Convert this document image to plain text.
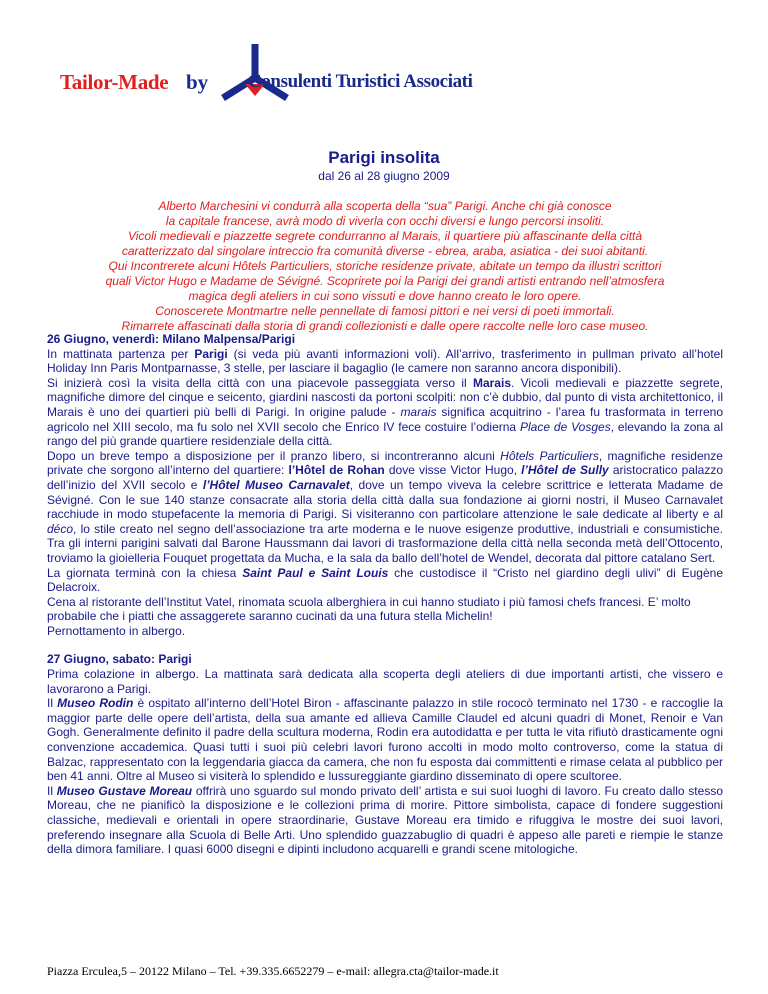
Tailor-Made by Consulenti Turistici Associati
Parigi insolita
dal 26 al 28 giugno 2009
Alberto Marchesini vi condurrà alla scoperta della “sua” Parigi. Anche chi già conosce
la capitale francese, avrà modo di viverla con occhi diversi e lungo percorsi insoliti.
Vicoli medievali e piazzette segrete condurranno al Marais, il quartiere più affascinante della città
caratterizzato dal singolare intreccio fra comunità diverse - ebrea, araba, asiatica - dei suoi abitanti.
Qui Incontrerete alcuni Hôtels Particuliers, storiche residenze private, abitate un tempo da illustri scrittori
quali Victor Hugo e Madame de Sévigné. Scoprirete poi la Parigi dei grandi artisti entrando nell’atmosfera
magica degli ateliers in cui sono vissuti e dove hanno creato le loro opere.
Conoscerete Montmartre nelle pennellate di famosi pittori e nei versi di poeti immortali.
Rimarrete affascinati dalla storia di grandi collezionisti e dalle opere raccolte nelle loro case museo.

26 Giugno, venerdì: Milano Malpensa/Parigi

In mattinata partenza per Parigi (si veda più avanti informazioni voli). All’arrivo, trasferimento in pullman privato all’hotel Holiday Inn Paris Montparnasse, 3 stelle, per lasciare il bagaglio (le camere non saranno ancora disponibili).

Si inizierà così la visita della città con una piacevole passeggiata verso il Marais. Vicoli medievali e piazzette segrete, magnifiche dimore del cinque e seicento, giardini nascosti da portoni scolpiti: non c’è dubbio, dal punto di vista architettonico, il Marais è uno dei quartieri più belli di Parigi. In origine palude - marais significa acquitrino - l’area fu trasformata in terreno agricolo nel XIII secolo, ma fu solo nel XVII secolo che Enrico IV fece costuire l’odierna Place de Vosges, elevando la zona al rango del più grande quartiere residenziale della città.

Dopo un breve tempo a disposizione per il pranzo libero, si incontreranno alcuni Hôtels Particuliers, magnifiche residenze private che sorgono all’interno del quartiere: l’Hôtel de Rohan dove visse Victor Hugo, l’Hôtel de Sully aristocratico palazzo dell’inizio del XVII secolo e l’Hôtel Museo Carnavalet, dove un tempo viveva la celebre scrittrice e letterata Madame de Sévigné. Con le sue 140 stanze consacrate alla storia della città dalla sua fondazione ai giorni nostri, il Museo Carnavalet racchiude in modo stupefacente la memoria di Parigi. Si visiteranno con particolare attenzione le sale dedicate al liberty e al déco, lo stile creato nel segno dell’associazione tra arte moderna e le nuove esigenze produttive, industriali e consumistiche. Tra gli interni parigini salvati dal Barone Haussmann dai lavori di trasformazione della città nella seconda metà dell’Ottocento, troviamo la gioielleria Fouquet progettata da Mucha, e la sala da ballo dell’hotel de Wendel, decorata dal pittore catalano Sert.

La giornata terminà con la chiesa Saint Paul e Saint Louis che custodisce il “Cristo nel giardino degli ulivi” di Eugène Delacroix.

Cena al ristorante dell’Institut Vatel, rinomata scuola alberghiera in cui hanno studiato i più famosi chefs francesi. E’ molto probabile che i piatti che assaggerete saranno cucinati da una futura stella Michelin!

Pernottamento in albergo.

27 Giugno, sabato: Parigi

Prima colazione in albergo. La mattinata sarà dedicata alla scoperta degli ateliers di due importanti artisti, che vissero e lavorarono a Parigi.

Il Museo Rodin è ospitato all’interno dell’Hotel Biron - affascinante palazzo in stile rococò terminato nel 1730 - e raccoglie la maggior parte delle opere dell’artista, della sua amante ed allieva Camille Claudel ed alcuni quadri di Monet, Renoir e Van Gogh. Generalmente definito il padre della scultura moderna, Rodin era autodidatta e per tutta le vita rifiutò drasticamente ogni convenzione accademica. Quasi tutti i suoi più celebri lavori furono accolti in modo molto controverso, come la statua di Balzac, rappresentato con la leggendaria giacca da camera, che non fu esposta dai committenti e rimase celata al pubblico per ben 41 anni. Oltre al Museo si visiterà lo splendido e lussureggiante giardino disseminato di opere scultoree.

Il Museo Gustave Moreau offrirà uno sguardo sul mondo privato dell’ artista e sui suoi luoghi di lavoro. Fu creato dallo stesso Moreau, che ne pianificò la disposizione e le collezioni prima di morire. Pittore simbolista, capace di fondere suggestioni classiche, medievali e orientali in opere straordinarie, Gustave Moreau era timido e rifuggiva le mostre dei suoi lavori, preferendo insegnare alla Scuola di Belle Arti. Uno splendido guazzabuglio di quadri è appeso alle pareti e riempie le stanze della dimora familiare. I quasi 6000 disegni e dipinti includono acquarelli e grandi scene mitologiche.

Piazza Erculea,5 – 20122 Milano – Tel. +39.335.6652279 – e-mail: allegra.cta@tailor-made.it
